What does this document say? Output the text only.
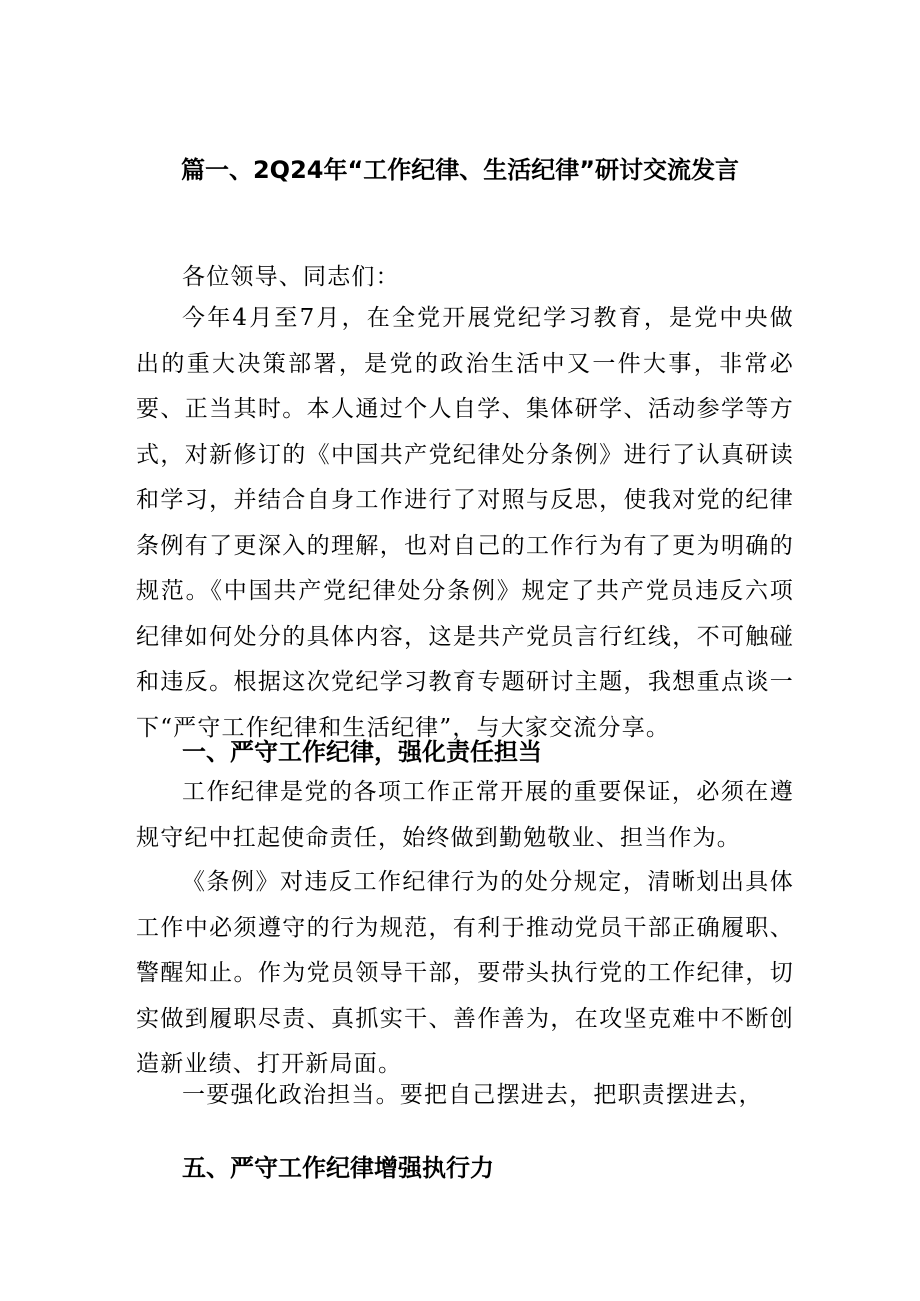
篇一、2Q24年“工作纪律、生活纪律”研讨交流发言

各位领导、同志们：

今年4月至7月，在全党开展党纪学习教育，是党中央做出的重大决策部署，是党的政治生活中又一件大事，非常必要、正当其时。本人通过个人自学、集体研学、活动参学等方式，对新修订的《中国共产党纪律处分条例》进行了认真研读和学习，并结合自身工作进行了对照与反思，使我对党的纪律条例有了更深入的理解，也对自己的工作行为有了更为明确的规范。《中国共产党纪律处分条例》规定了共产党员违反六项纪律如何处分的具体内容，这是共产党员言行红线，不可触碰和违反。根据这次党纪学习教育专题研讨主题，我想重点谈一下“严守工作纪律和生活纪律”，与大家交流分享。

一、严守工作纪律，强化责任担当

工作纪律是党的各项工作正常开展的重要保证，必须在遵规守纪中扛起使命责任，始终做到勤勉敬业、担当作为。

《条例》对违反工作纪律行为的处分规定，清晰划出具体工作中必须遵守的行为规范，有利于推动党员干部正确履职、警醒知止。作为党员领导干部，要带头执行党的工作纪律，切实做到履职尽责、真抓实干、善作善为，在攻坚克难中不断创造新业绩、打开新局面。

一要强化政治担当。要把自己摆进去，把职责摆进去，

五、严守工作纪律增强执行力
